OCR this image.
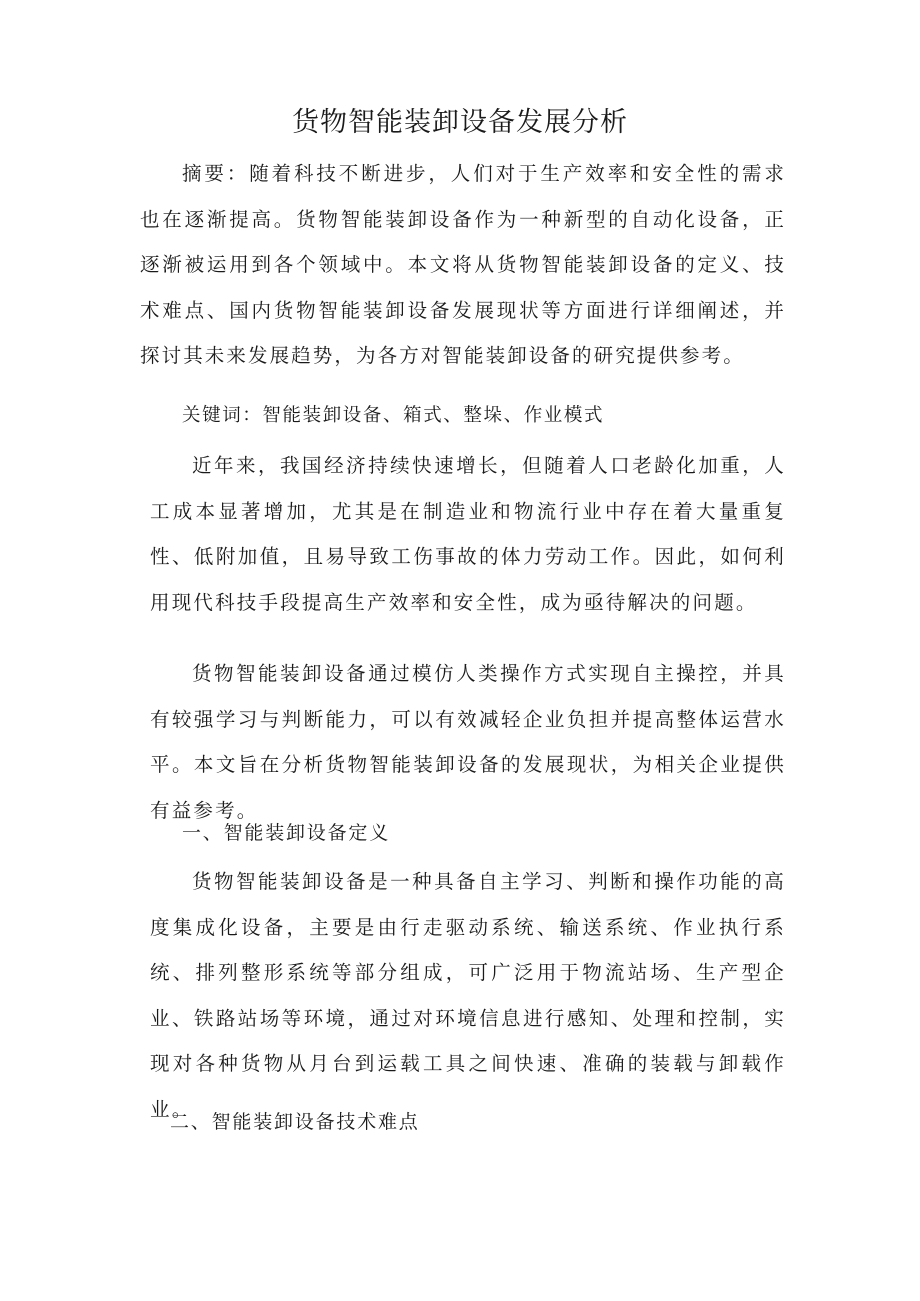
货物智能装卸设备发展分析

摘要：随着科技不断进步，人们对于生产效率和安全性的需求也在逐渐提高。货物智能装卸设备作为一种新型的自动化设备，正逐渐被运用到各个领域中。本文将从货物智能装卸设备的定义、技术难点、国内货物智能装卸设备发展现状等方面进行详细阐述，并探讨其未来发展趋势，为各方对智能装卸设备的研究提供参考。

关键词：智能装卸设备、箱式、整垛、作业模式

近年来，我国经济持续快速增长，但随着人口老龄化加重，人工成本显著增加，尤其是在制造业和物流行业中存在着大量重复性、低附加值，且易导致工伤事故的体力劳动工作。因此，如何利用现代科技手段提高生产效率和安全性，成为亟待解决的问题。

货物智能装卸设备通过模仿人类操作方式实现自主操控，并具有较强学习与判断能力，可以有效减轻企业负担并提高整体运营水平。本文旨在分析货物智能装卸设备的发展现状，为相关企业提供有益参考。

一、智能装卸设备定义

货物智能装卸设备是一种具备自主学习、判断和操作功能的高度集成化设备，主要是由行走驱动系统、输送系统、作业执行系统、排列整形系统等部分组成，可广泛用于物流站场、生产型企业、铁路站场等环境，通过对环境信息进行感知、处理和控制，实现对各种货物从月台到运载工具之间快速、准确的装载与卸载作业。

二、智能装卸设备技术难点
